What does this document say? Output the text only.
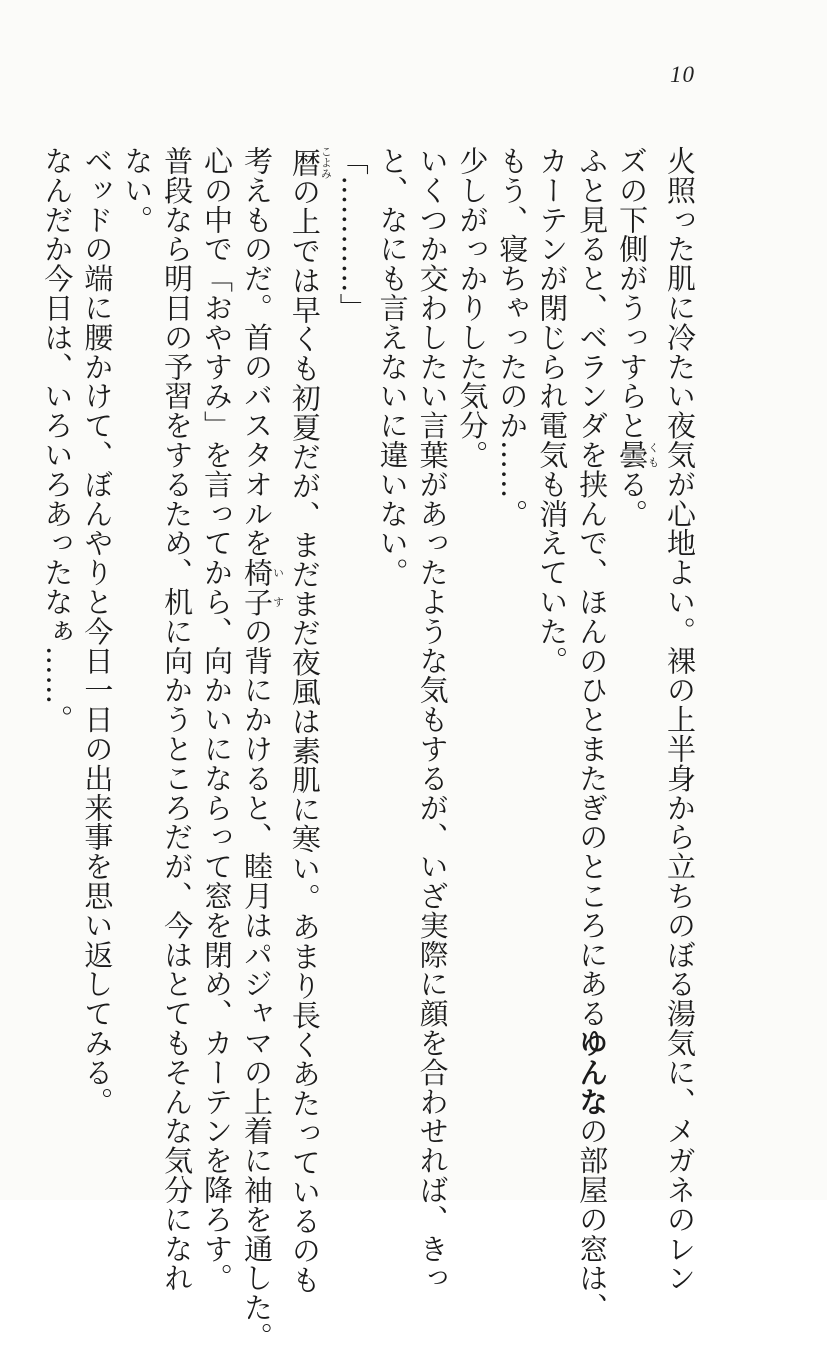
10
火照った肌に冷たい夜気が心地よい。裸の上半身から立ちのぼる湯気に、メガネのレン
ズの下側がうっすらと曇くもる。
ふと見ると、ベランダを挟んで、ほんのひとまたぎのところにあるゆんなの部屋の窓は、
カーテンが閉じられ電気も消えていた。
もう、寝ちゃったのか……。
少しがっかりした気分。
いくつか交わしたい言葉があったような気もするが、いざ実際に顔を合わせれば、きっ
と、なにも言えないに違いない。
「…………」
暦こよみの上では早くも初夏だが、まだまだ夜風は素肌に寒い。あまり長くあたっているのも
考えものだ。首のバスタオルを椅子いすの背にかけると、睦月はパジャマの上着に袖を通した。
心の中で「おやすみ」を言ってから、向かいにならって窓を閉め、カーテンを降ろす。
普段なら明日の予習をするため、机に向かうところだが、今はとてもそんな気分になれ
ない。
ベッドの端に腰かけて、ぼんやりと今日一日の出来事を思い返してみる。
なんだか今日は、いろいろあったなぁ……。
